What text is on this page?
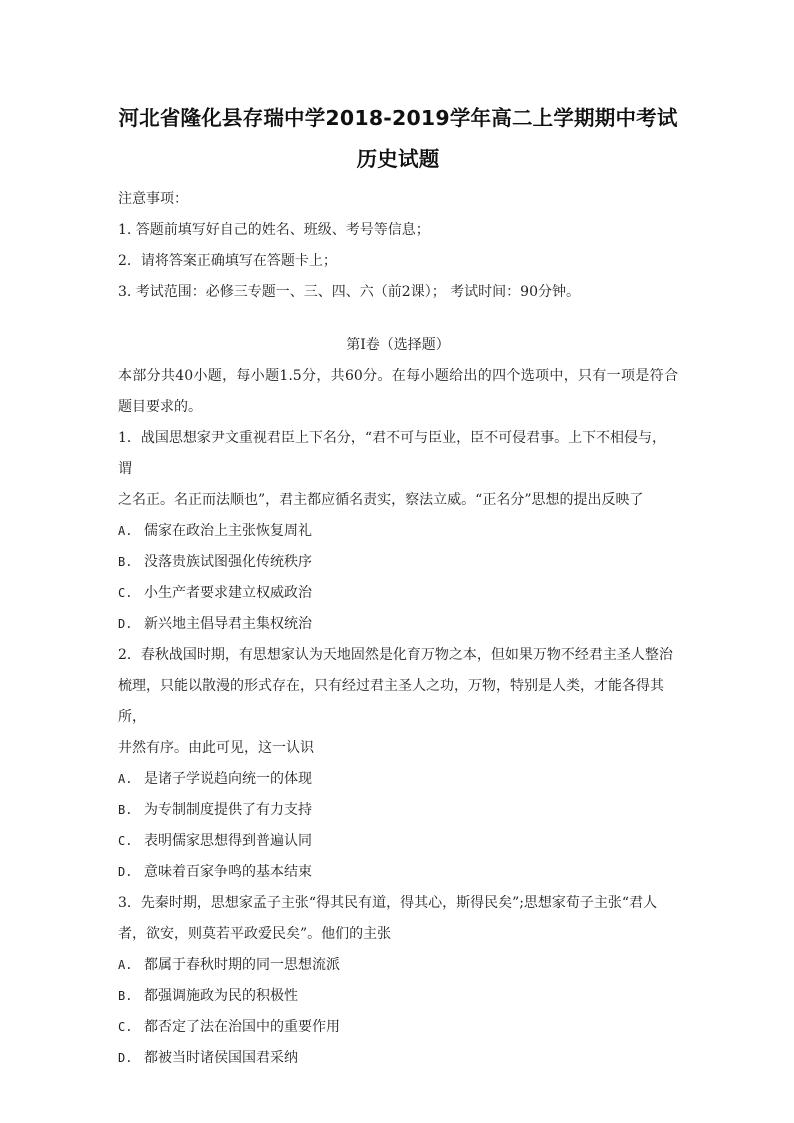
河北省隆化县存瑞中学2018-2019学年高二上学期期中考试
历史试题

注意事项：

1. 答题前填写好自己的姓名、班级、考号等信息；

2．请将答案正确填写在答题卡上；

3. 考试范围：必修三专题一、三、四、六（前2课）； 考试时间：90分钟。

第Ⅰ卷（选择题）

本部分共40小题，每小题1.5分，共60分。在每小题给出的四个选项中，只有一项是符合题目要求的。

1．战国思想家尹文重视君臣上下名分，“君不可与臣业，臣不可侵君事。上下不相侵与，谓

之名正。名正而法顺也”，君主都应循名责实，察法立威。“正名分”思想的提出反映了

A. 儒家在政治上主张恢复周礼
B. 没落贵族试图强化传统秩序
C. 小生产者要求建立权威政治
D. 新兴地主倡导君主集权统治

2．春秋战国时期，有思想家认为天地固然是化育万物之本，但如果万物不经君主圣人整治

梳理，只能以散漫的形式存在，只有经过君主圣人之功，万物，特别是人类，才能各得其所，

井然有序。由此可见，这一认识

A. 是诸子学说趋向统一的体现
B. 为专制制度提供了有力支持
C. 表明儒家思想得到普遍认同
D. 意味着百家争鸣的基本结束

3．先秦时期，思想家孟子主张“得其民有道，得其心，斯得民矣”;思想家荀子主张“君人

者，欲安，则莫若平政爱民矣”。他们的主张

A. 都属于春秋时期的同一思想流派
B. 都强调施政为民的积极性
C. 都否定了法在治国中的重要作用
D. 都被当时诸侯国国君采纳
